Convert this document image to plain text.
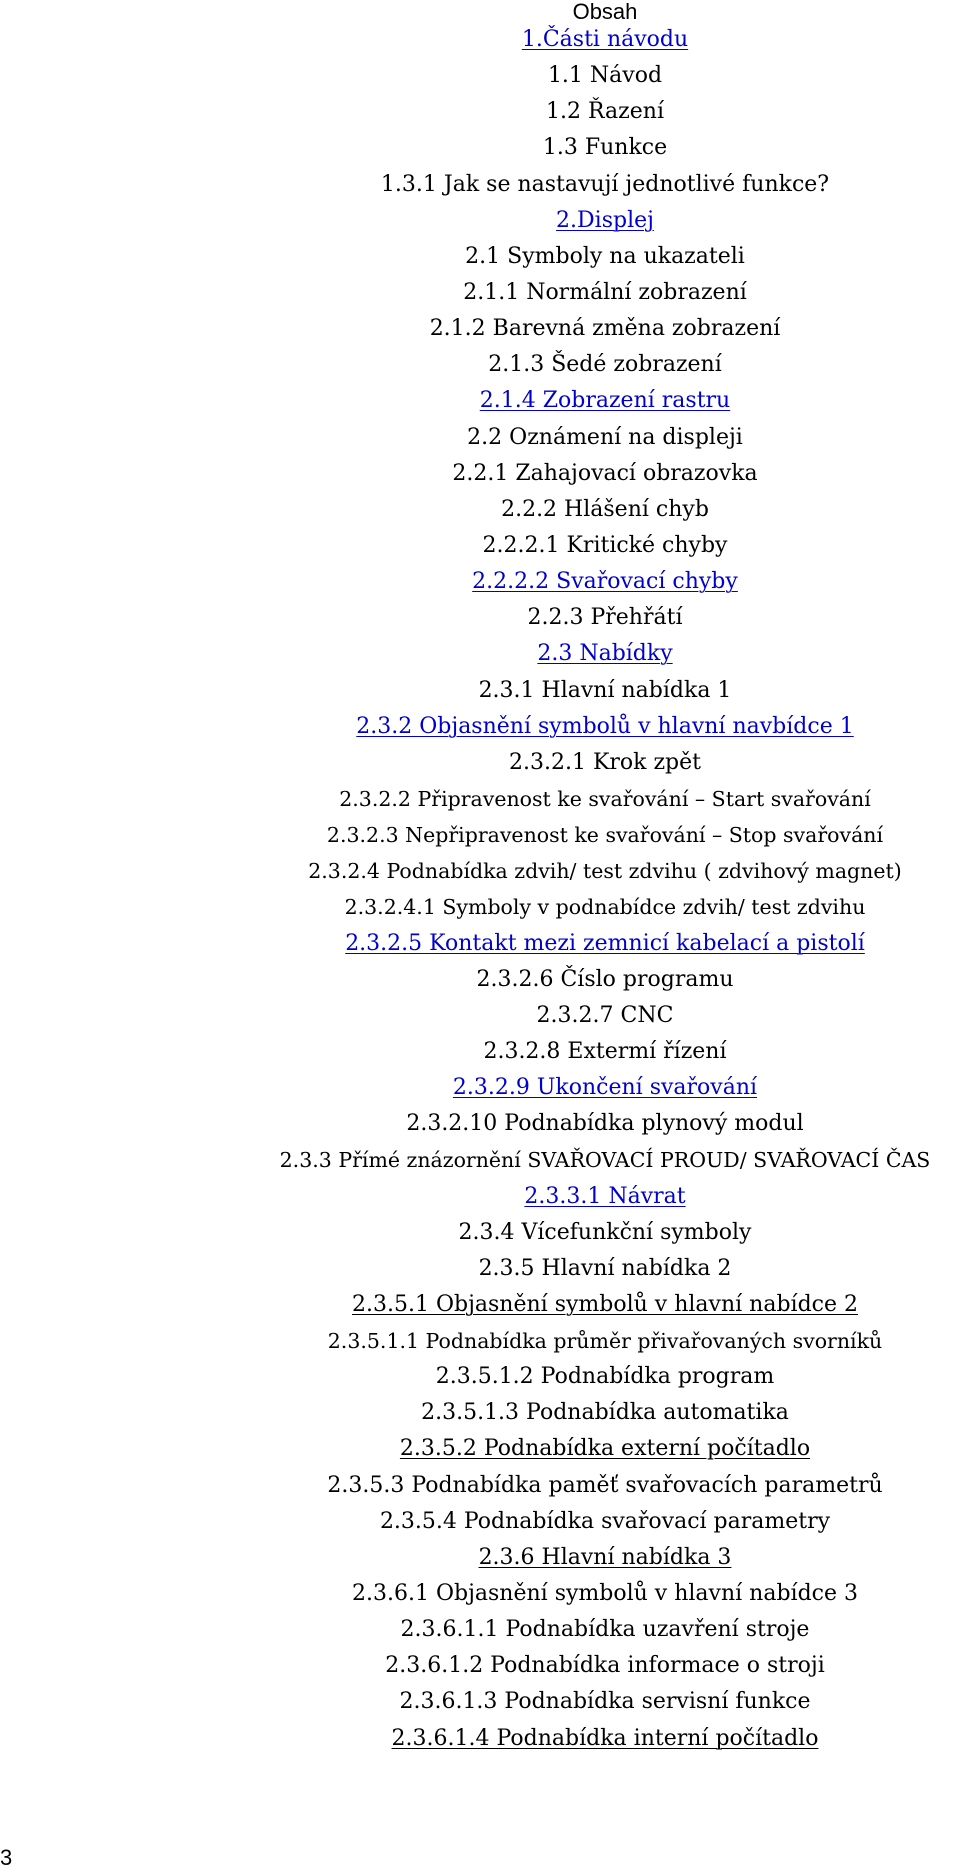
Obsah
1.Části návodu
1.1 Návod
1.2 Řazení
1.3 Funkce
1.3.1 Jak se nastavují jednotlivé funkce?
2.Displej
2.1 Symboly na ukazateli
2.1.1 Normální zobrazení
2.1.2 Barevná změna zobrazení
2.1.3 Šedé zobrazení
2.1.4 Zobrazení rastru
2.2 Oznámení na displeji
2.2.1 Zahajovací obrazovka
2.2.2 Hlášení chyb
2.2.2.1 Kritické chyby
2.2.2.2 Svařovací chyby
2.2.3 Přehřátí
2.3 Nabídky
2.3.1 Hlavní nabídka 1
2.3.2 Objasnění symbolů v hlavní navbídce 1
2.3.2.1 Krok zpět
2.3.2.2 Připravenost ke svařování – Start svařování
2.3.2.3 Nepřipravenost ke svařování – Stop svařování
2.3.2.4 Podnabídka zdvih/ test zdvihu ( zdvihový magnet)
2.3.2.4.1 Symboly v podnabídce zdvih/ test zdvihu
2.3.2.5 Kontakt mezi zemnicí kabelací a pistolí
2.3.2.6 Číslo programu
2.3.2.7 CNC
2.3.2.8 Extermí řízení
2.3.2.9 Ukončení svařování
2.3.2.10 Podnabídka plynový modul
2.3.3 Přímé znázornění SVAŘOVACÍ PROUD/ SVAŘOVACÍ ČAS
2.3.3.1 Návrat
2.3.4 Vícefunkční symboly
2.3.5 Hlavní nabídka 2
2.3.5.1 Objasnění symbolů v hlavní nabídce 2
2.3.5.1.1 Podnabídka průměr přivařovaných svorníků
2.3.5.1.2 Podnabídka program
2.3.5.1.3 Podnabídka automatika
2.3.5.2 Podnabídka externí počítadlo
2.3.5.3 Podnabídka paměť svařovacích parametrů
2.3.5.4 Podnabídka svařovací parametry
2.3.6 Hlavní nabídka 3
2.3.6.1 Objasnění symbolů v hlavní nabídce 3
2.3.6.1.1 Podnabídka uzavření stroje
2.3.6.1.2 Podnabídka informace o stroji
2.3.6.1.3 Podnabídka servisní funkce
2.3.6.1.4 Podnabídka interní počítadlo
3
